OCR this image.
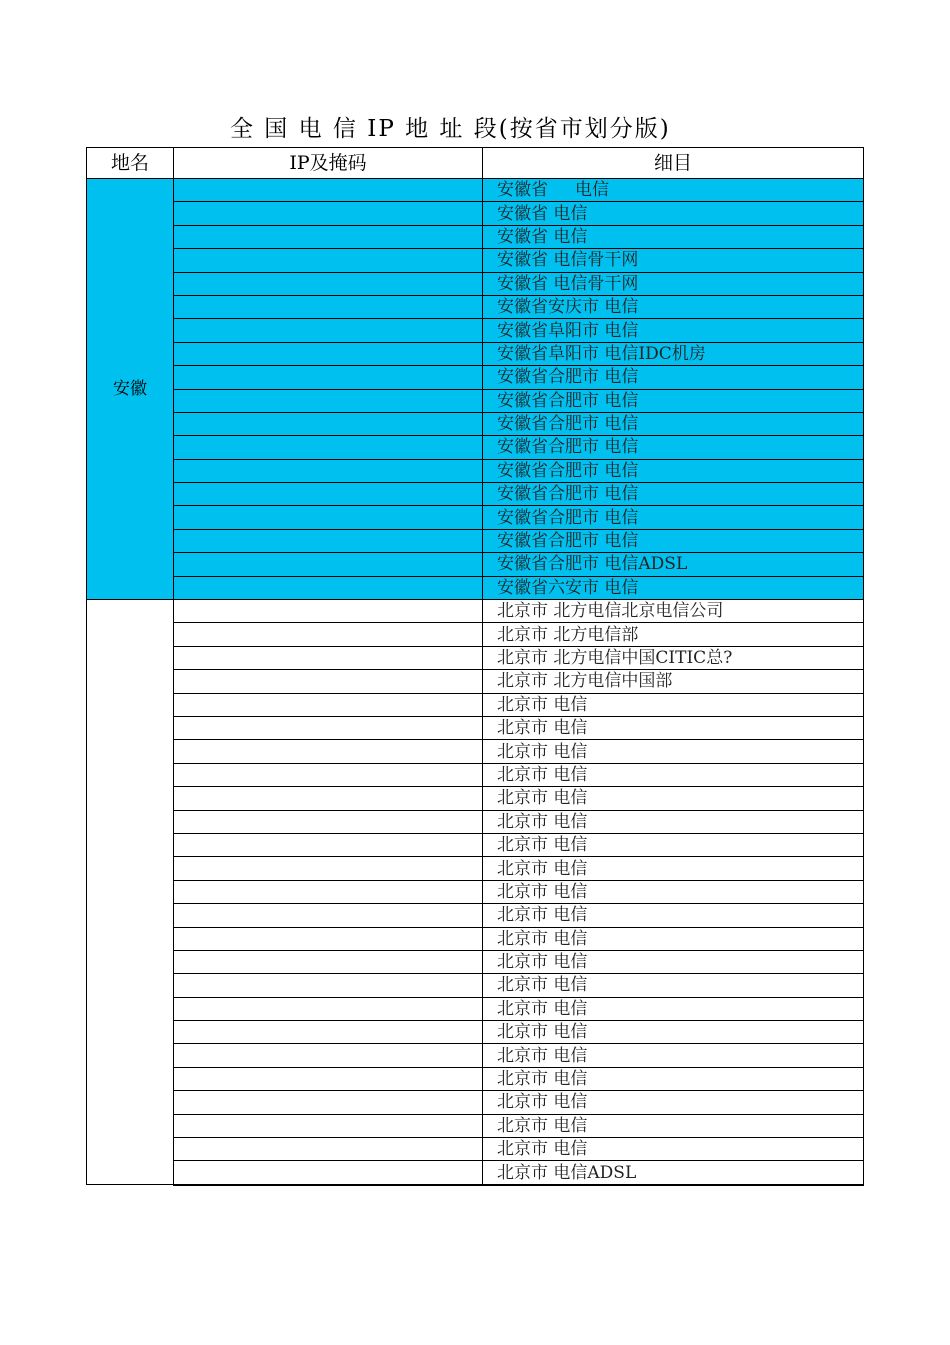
全 国 电 信 IP 地 址 段(按省市划分版)
地名	IP及掩码	细目
安徽		安徽省     电信
		安徽省 电信
		安徽省 电信
		安徽省 电信骨干网
		安徽省 电信骨干网
		安徽省安庆市 电信
		安徽省阜阳市 电信
		安徽省阜阳市 电信IDC机房
		安徽省合肥市 电信
		安徽省合肥市 电信
		安徽省合肥市 电信
		安徽省合肥市 电信
		安徽省合肥市 电信
		安徽省合肥市 电信
		安徽省合肥市 电信
		安徽省合肥市 电信
		安徽省合肥市 电信ADSL
		安徽省六安市 电信
		北京市 北方电信北京电信公司
		北京市 北方电信部
		北京市 北方电信中国CITIC总?
		北京市 北方电信中国部
		北京市 电信
		北京市 电信
		北京市 电信
		北京市 电信
		北京市 电信
		北京市 电信
		北京市 电信
		北京市 电信
		北京市 电信
		北京市 电信
		北京市 电信
		北京市 电信
		北京市 电信
		北京市 电信
		北京市 电信
		北京市 电信
		北京市 电信
		北京市 电信
		北京市 电信
		北京市 电信
		北京市 电信ADSL
